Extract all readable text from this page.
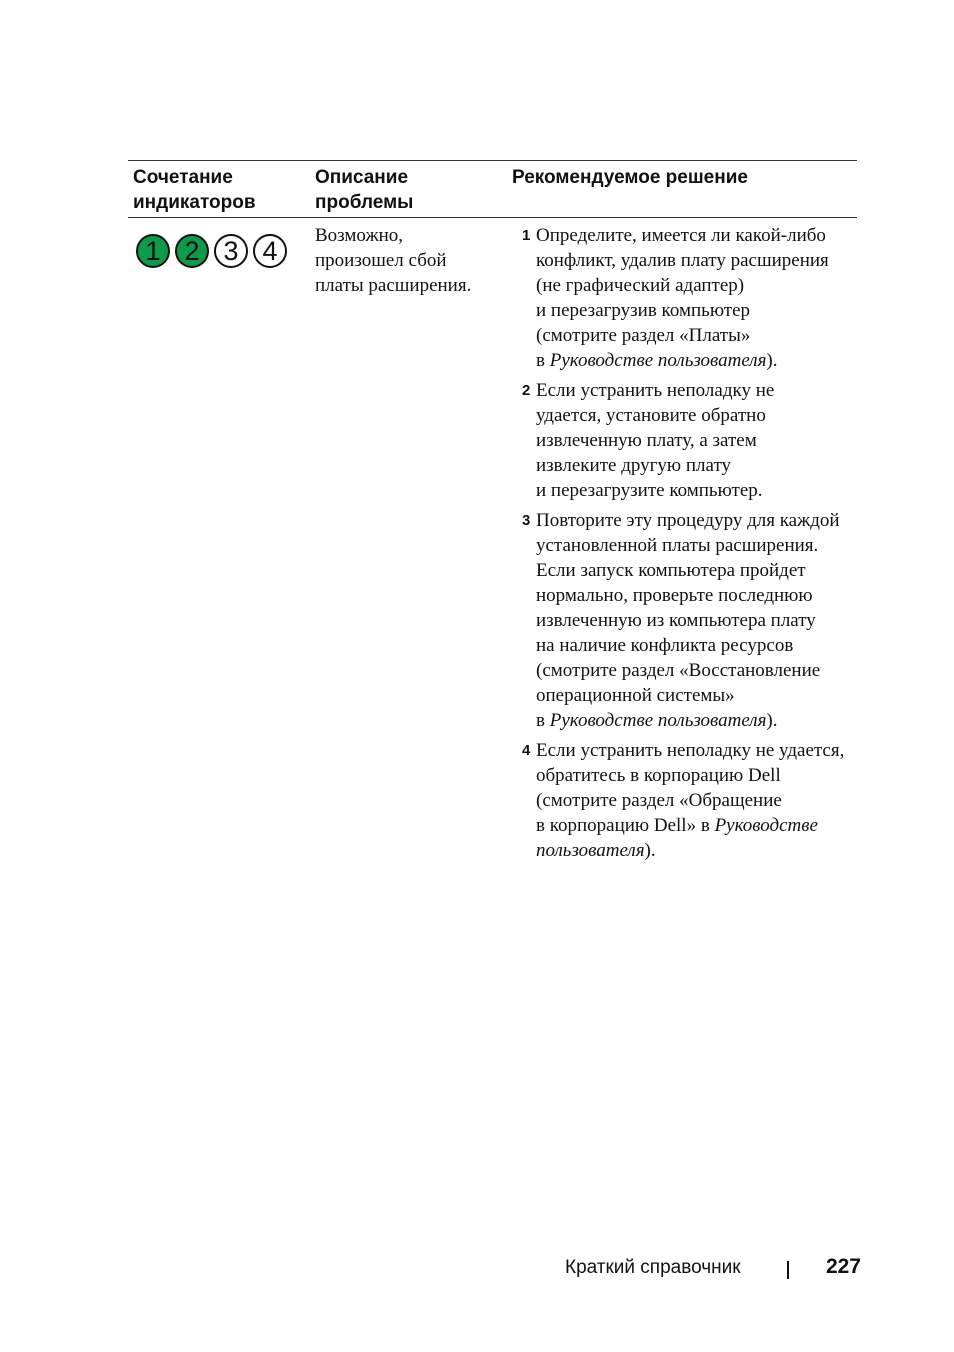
Сочетание
индикаторов
Описание
проблемы
Рекомендуемое решение
1 2 3 4	Возможно,
произошел сбой
платы расширения.
1 Определите, имеется ли какой-либо
конфликт, удалив плату расширения
(не графический адаптер)
и перезагрузив компьютер
(смотрите раздел «Платы»
в Руководстве пользователя).
2 Если устранить неполадку не
удается, установите обратно
извлеченную плату, а затем
извлеките другую плату
и перезагрузите компьютер.
3 Повторите эту процедуру для каждой
установленной платы расширения.
Если запуск компьютера пройдет
нормально, проверьте последнюю
извлеченную из компьютера плату
на наличие конфликта ресурсов
(смотрите раздел «Восстановление
операционной системы»
в Руководстве пользователя).
4 Если устранить неполадку не удается,
обратитесь в корпорацию Dell
(смотрите раздел «Обращение
в корпорацию Dell» в Руководстве
пользователя).
Краткий справочник	227
